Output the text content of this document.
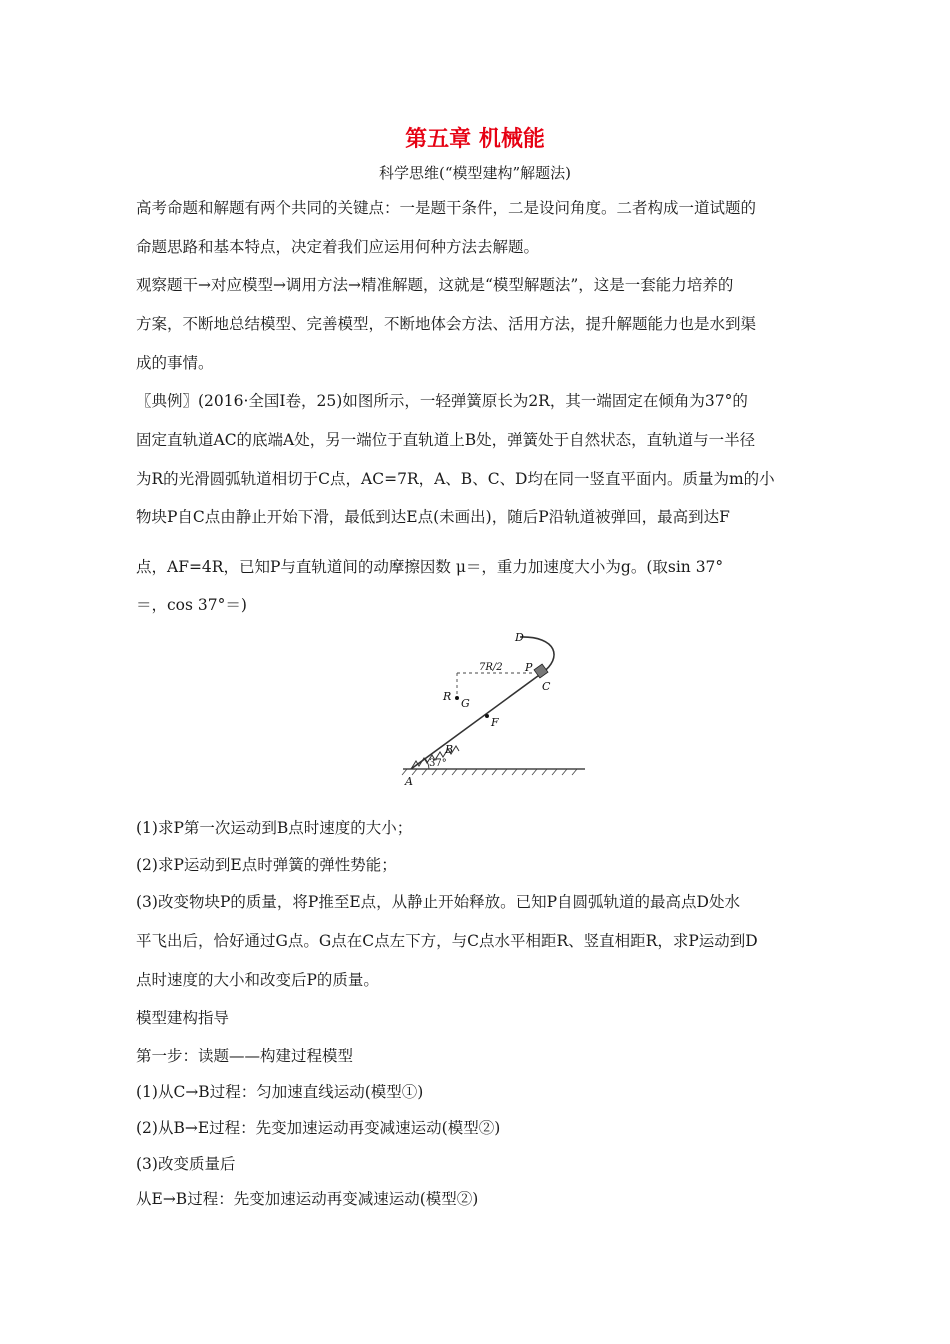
第五章 机械能
科学思维(“模型建构”解题法)
高考命题和解题有两个共同的关键点：一是题干条件，二是设问角度。二者构成一道试题的
命题思路和基本特点，决定着我们应运用何种方法去解题。
观察题干→对应模型→调用方法→精准解题，这就是“模型解题法”，这是一套能力培养的
方案，不断地总结模型、完善模型，不断地体会方法、活用方法，提升解题能力也是水到渠
成的事情。
〖典例〗(2016·全国Ⅰ卷，25)如图所示，一轻弹簧原长为2R，其一端固定在倾角为37°的
固定直轨道AC的底端A处，另一端位于直轨道上B处，弹簧处于自然状态，直轨道与一半径
为R的光滑圆弧轨道相切于C点，AC=7R，A、B、C、D均在同一竖直平面内。质量为m的小
物块P自C点由静止开始下滑，最低到达E点(未画出)，随后P沿轨道被弹回，最高到达F
点，AF=4R，已知P与直轨道间的动摩擦因数 μ＝，重力加速度大小为g。(取sin 37°
＝，cos 37°＝)
D
P
C
7R/2
R
G
F
B
A
37°
(1)求P第一次运动到B点时速度的大小；
(2)求P运动到E点时弹簧的弹性势能；
(3)改变物块P的质量，将P推至E点，从静止开始释放。已知P自圆弧轨道的最高点D处水
平飞出后，恰好通过G点。G点在C点左下方，与C点水平相距R、竖直相距R，求P运动到D
点时速度的大小和改变后P的质量。
模型建构指导
第一步：读题——构建过程模型
(1)从C→B过程：匀加速直线运动(模型①)
(2)从B→E过程：先变加速运动再变减速运动(模型②)
(3)改变质量后
从E→B过程：先变加速运动再变减速运动(模型②)
